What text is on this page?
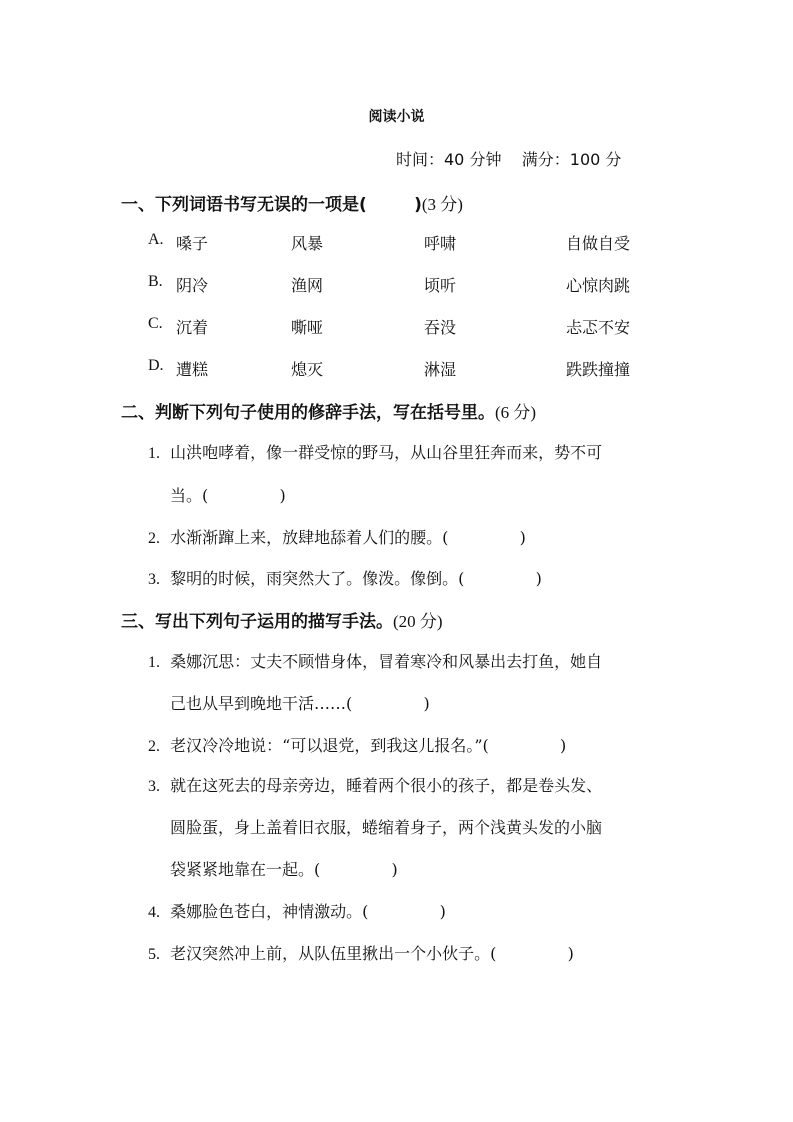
阅读小说
时间：40 分钟    满分：100 分
一、下列词语书写无误的一项是(        )(3 分)
A. 嗓子	风暴	呼啸	自做自受
B. 阴冷	渔网	顷听	心惊肉跳
C. 沉着	嘶哑	吞没	忐忑不安
D. 遭糕	熄灭	淋湿	跌跌撞撞
二、判断下列句子使用的修辞手法，写在括号里。(6 分)
1. 山洪咆哮着，像一群受惊的野马，从山谷里狂奔而来，势不可
当。(              )
2. 水渐渐蹿上来，放肆地舔着人们的腰。(              )
3. 黎明的时候，雨突然大了。像泼。像倒。(              )
三、写出下列句子运用的描写手法。(20 分)
1. 桑娜沉思：丈夫不顾惜身体，冒着寒冷和风暴出去打鱼，她自
己也从早到晚地干活……(              )
2. 老汉冷冷地说：“可以退党，到我这儿报名。”(              )
3. 就在这死去的母亲旁边，睡着两个很小的孩子，都是卷头发、
圆脸蛋，身上盖着旧衣服，蜷缩着身子，两个浅黄头发的小脑
袋紧紧地靠在一起。(              )
4. 桑娜脸色苍白，神情激动。(              )
5. 老汉突然冲上前，从队伍里揪出一个小伙子。(              )
